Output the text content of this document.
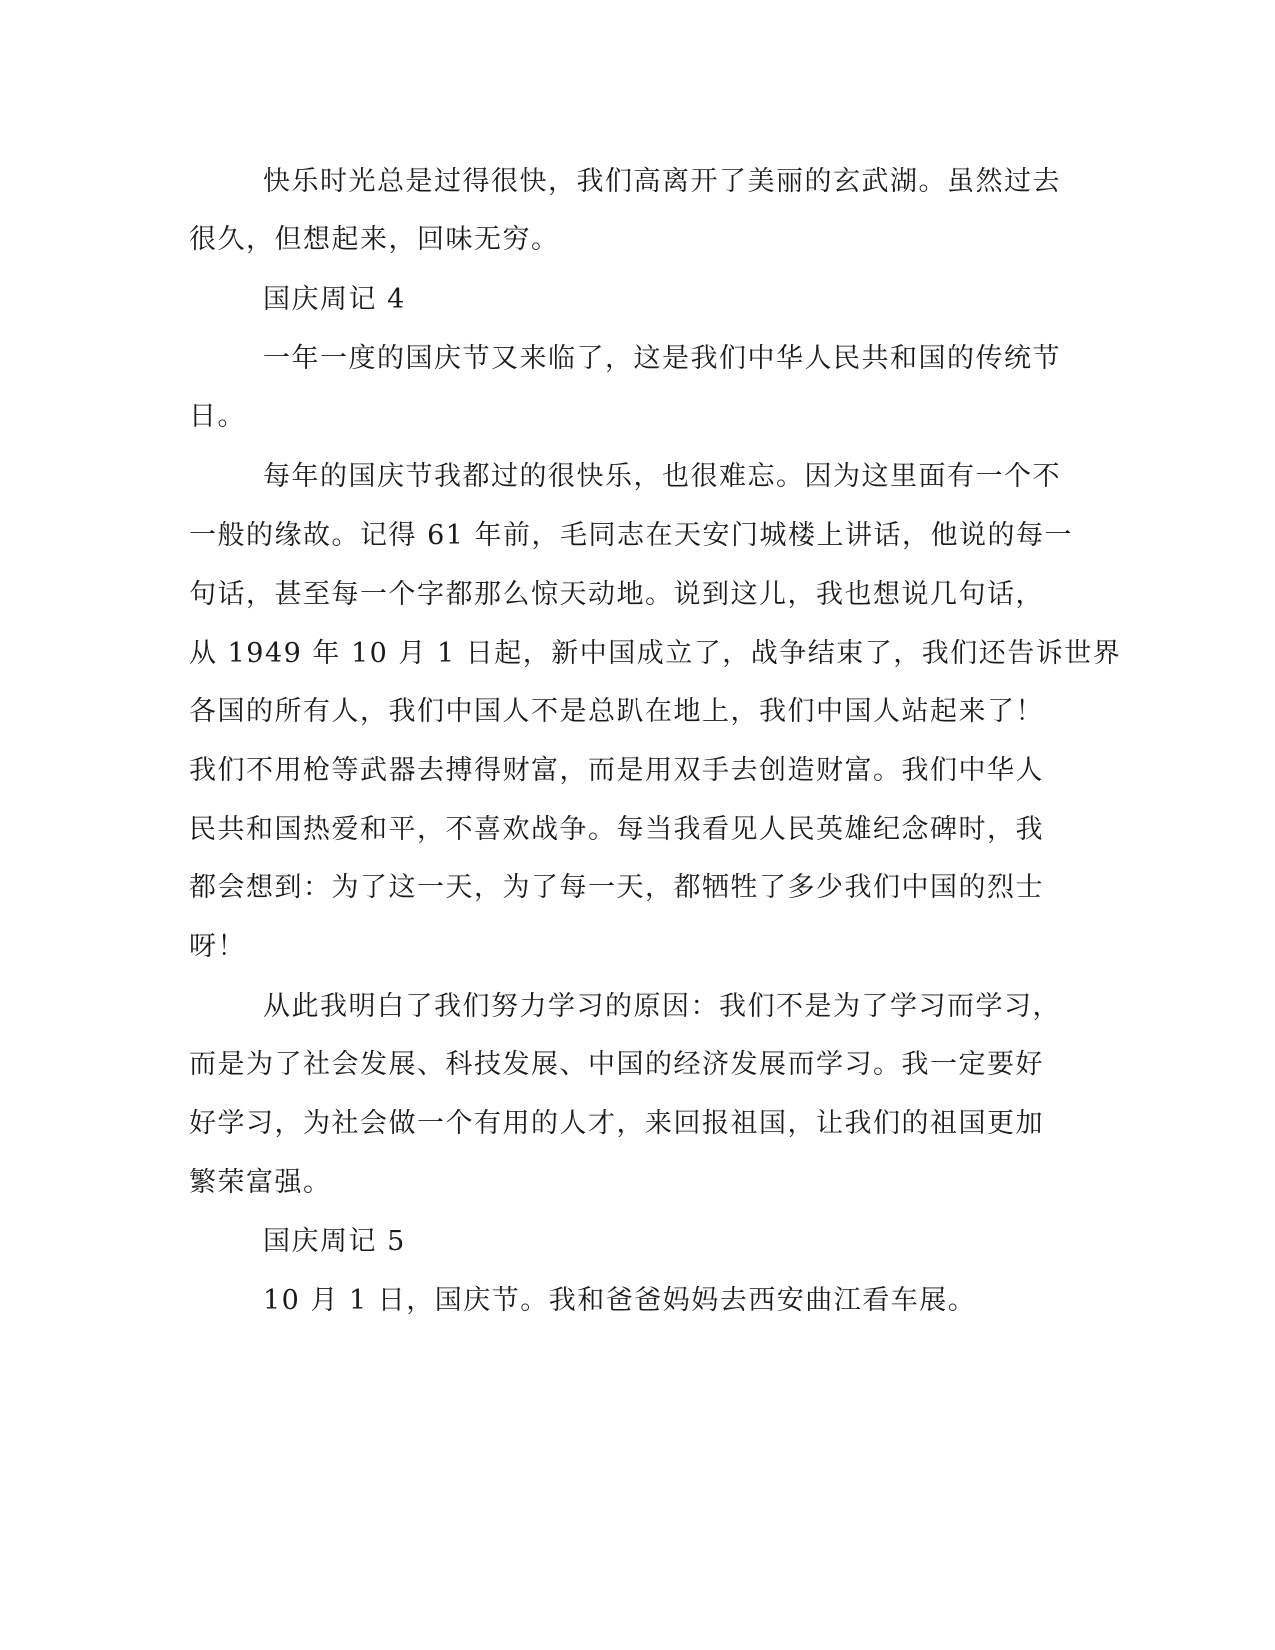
快乐时光总是过得很快，我们高离开了美丽的玄武湖。虽然过去
很久，但想起来，回味无穷。
国庆周记 4
一年一度的国庆节又来临了，这是我们中华人民共和国的传统节
日。
每年的国庆节我都过的很快乐，也很难忘。因为这里面有一个不
一般的缘故。记得 61 年前，毛同志在天安门城楼上讲话，他说的每一
句话，甚至每一个字都那么惊天动地。说到这儿，我也想说几句话，
从 1949 年 10 月 1 日起，新中国成立了，战争结束了，我们还告诉世界
各国的所有人，我们中国人不是总趴在地上，我们中国人站起来了！
我们不用枪等武器去搏得财富，而是用双手去创造财富。我们中华人
民共和国热爱和平，不喜欢战争。每当我看见人民英雄纪念碑时，我
都会想到：为了这一天，为了每一天，都牺牲了多少我们中国的烈士
呀！
从此我明白了我们努力学习的原因：我们不是为了学习而学习，
而是为了社会发展、科技发展、中国的经济发展而学习。我一定要好
好学习，为社会做一个有用的人才，来回报祖国，让我们的祖国更加
繁荣富强。
国庆周记 5
10 月 1 日，国庆节。我和爸爸妈妈去西安曲江看车展。
